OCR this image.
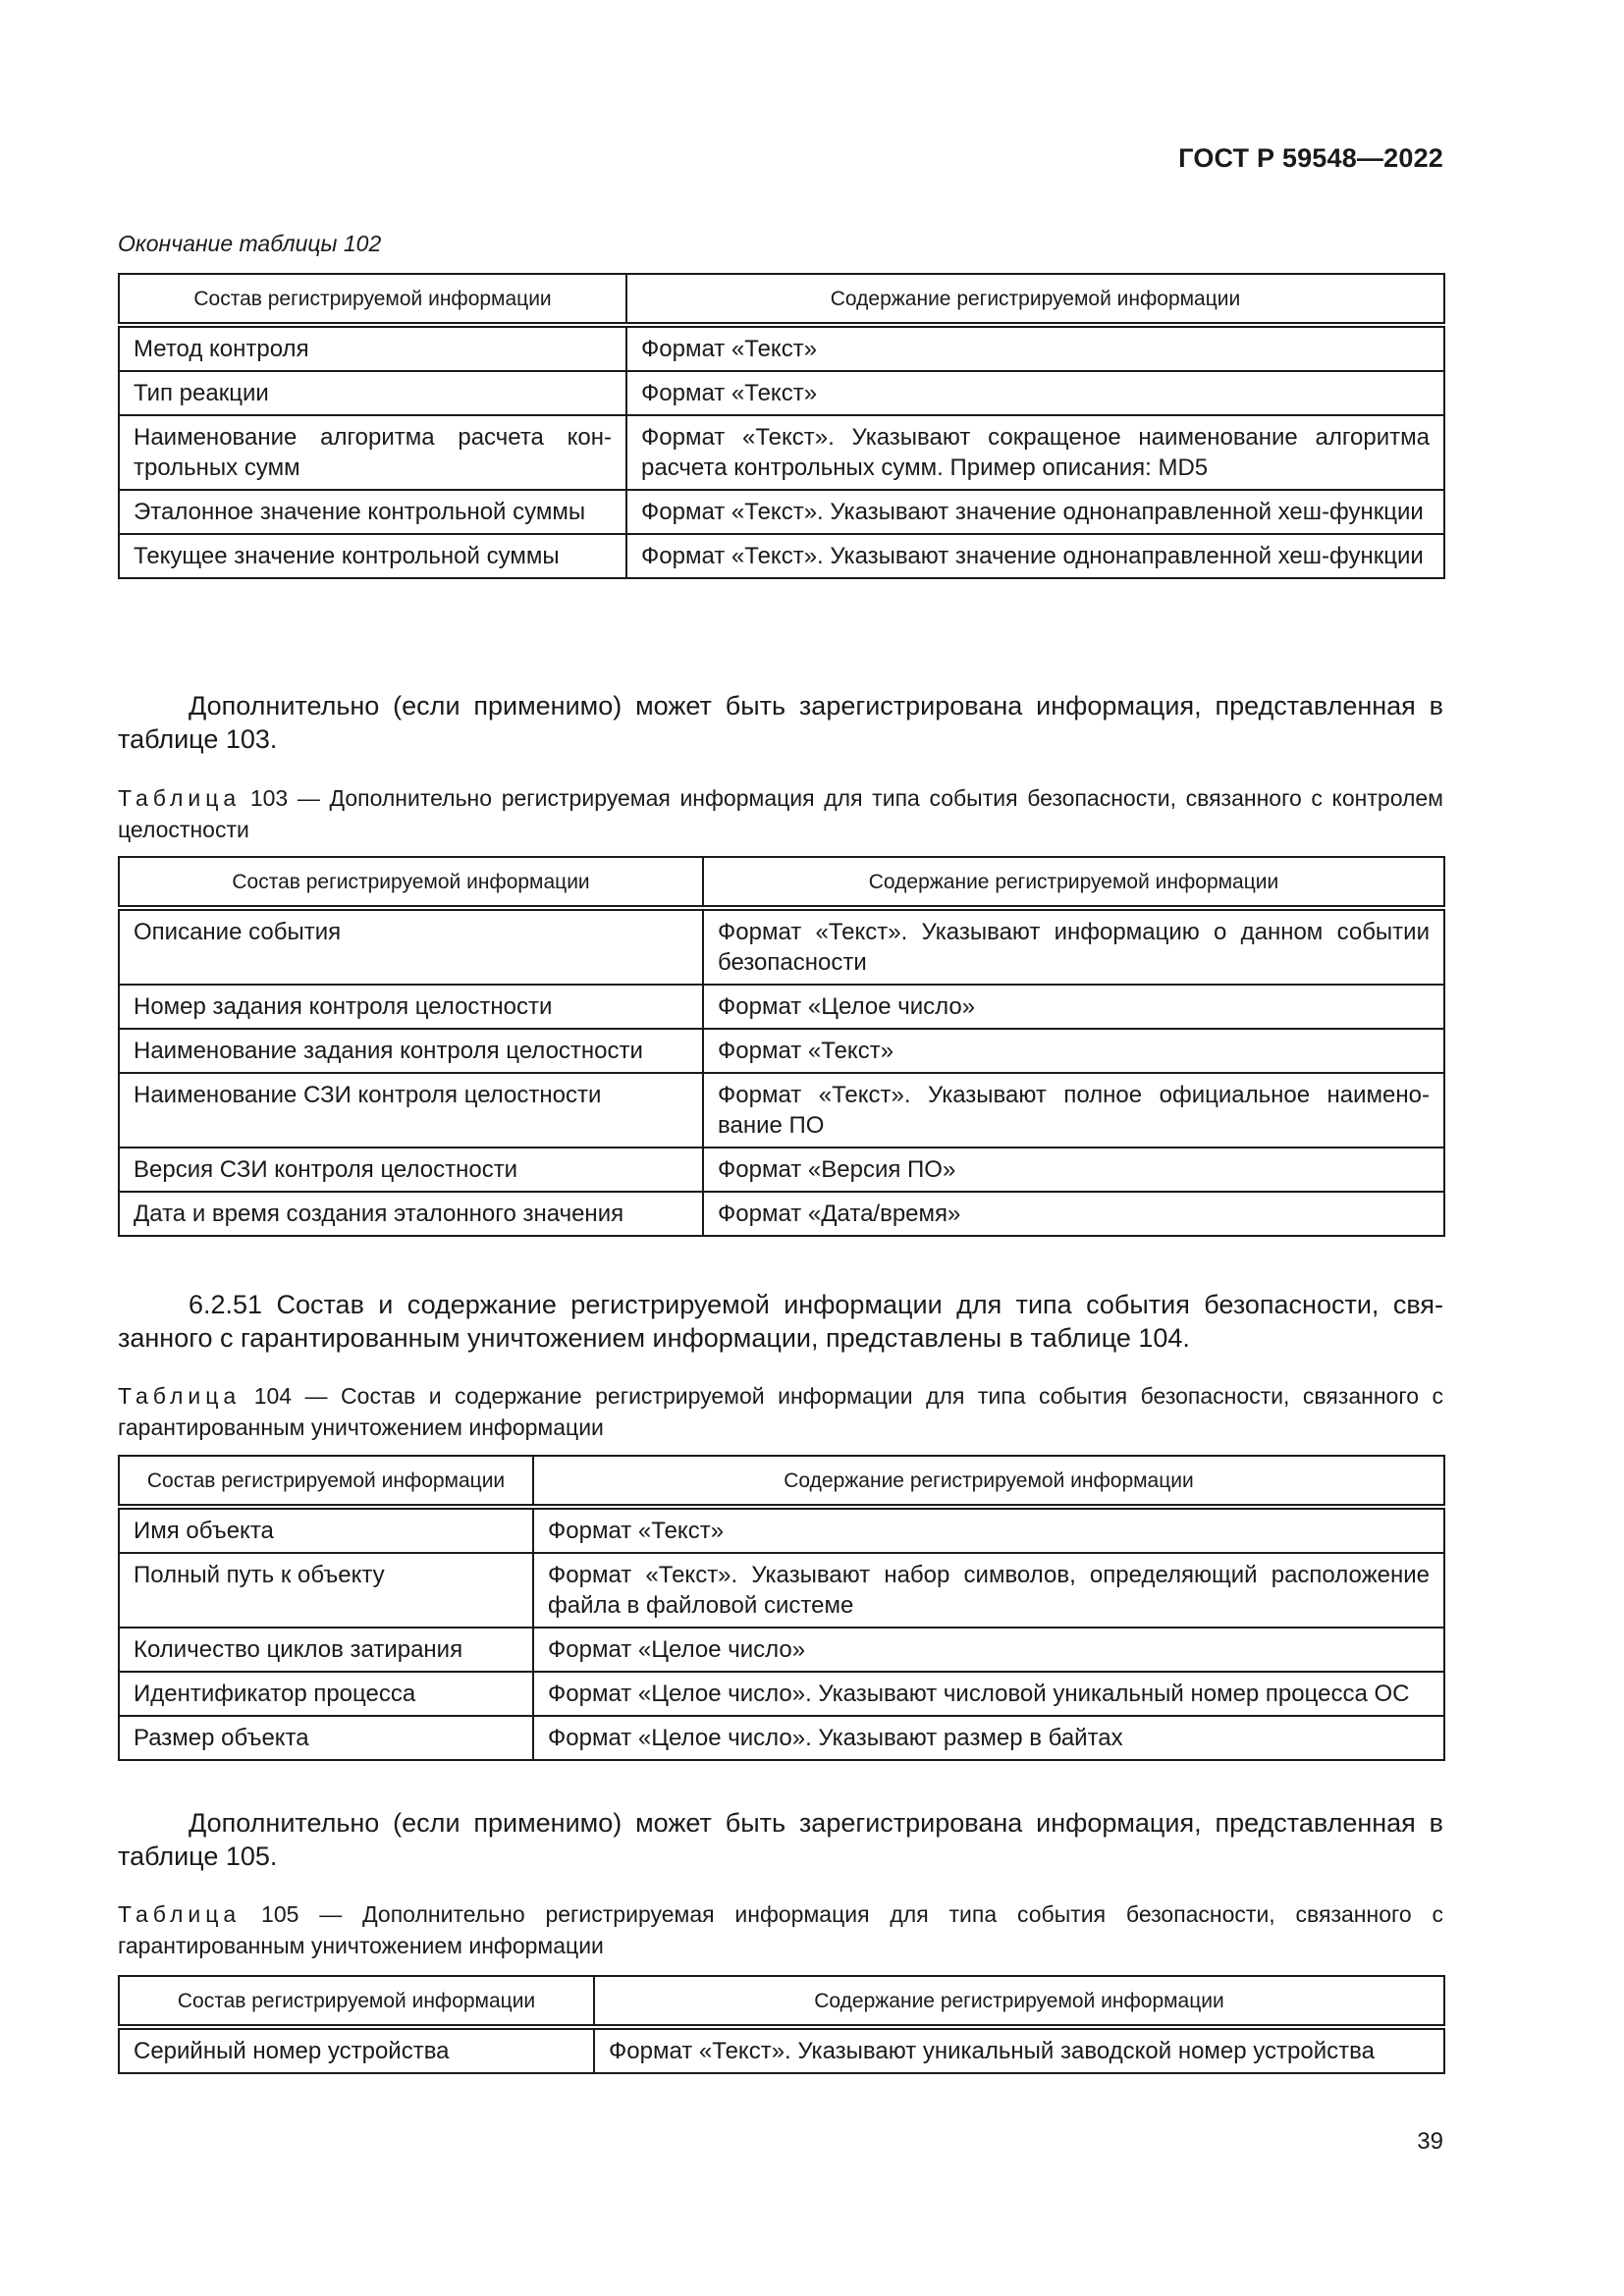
ГОСТ Р 59548—2022
Окончание таблицы 102
Состав регистрируемой информации	Содержание регистрируемой информации
Метод контроля	Формат «Текст»
Тип реакции	Формат «Текст»
Наименование алгоритма расчета кон-трольных сумм	Формат «Текст». Указывают сокращеное наименование алгоритма расчета контрольных сумм. Пример описания: MD5
Эталонное значение контрольной суммы	Формат «Текст». Указывают значение однонаправленной хеш-функции
Текущее значение контрольной суммы	Формат «Текст». Указывают значение однонаправленной хеш-функции
Дополнительно (если применимо) может быть зарегистрирована информация, представленная в таблице 103.
Таблица 103 — Дополнительно регистрируемая информация для типа события безопасности, связанного с контролем целостности
Состав регистрируемой информации	Содержание регистрируемой информации
Описание события	Формат «Текст». Указывают информацию о данном событии безопасности
Номер задания контроля целостности	Формат «Целое число»
Наименование задания контроля целостности	Формат «Текст»
Наименование СЗИ контроля целостности	Формат «Текст». Указывают полное официальное наимено-вание ПО
Версия СЗИ контроля целостности	Формат «Версия ПО»
Дата и время создания эталонного значения	Формат «Дата/время»
6.2.51 Состав и содержание регистрируемой информации для типа события безопасности, свя-занного с гарантированным уничтожением информации, представлены в таблице 104.
Таблица 104 — Состав и содержание регистрируемой информации для типа события безопасности, связанного с гарантированным уничтожением информации
Состав регистрируемой информации	Содержание регистрируемой информации
Имя объекта	Формат «Текст»
Полный путь к объекту	Формат «Текст». Указывают набор символов, определяющий расположение файла в файловой системе
Количество циклов затирания	Формат «Целое число»
Идентификатор процесса	Формат «Целое число». Указывают числовой уникальный номер процесса ОС
Размер объекта	Формат «Целое число». Указывают размер в байтах
Дополнительно (если применимо) может быть зарегистрирована информация, представленная в таблице 105.
Таблица 105 — Дополнительно регистрируемая информация для типа события безопасности, связанного с гарантированным уничтожением информации
Состав регистрируемой информации	Содержание регистрируемой информации
Серийный номер устройства	Формат «Текст». Указывают уникальный заводской номер устройства
39
